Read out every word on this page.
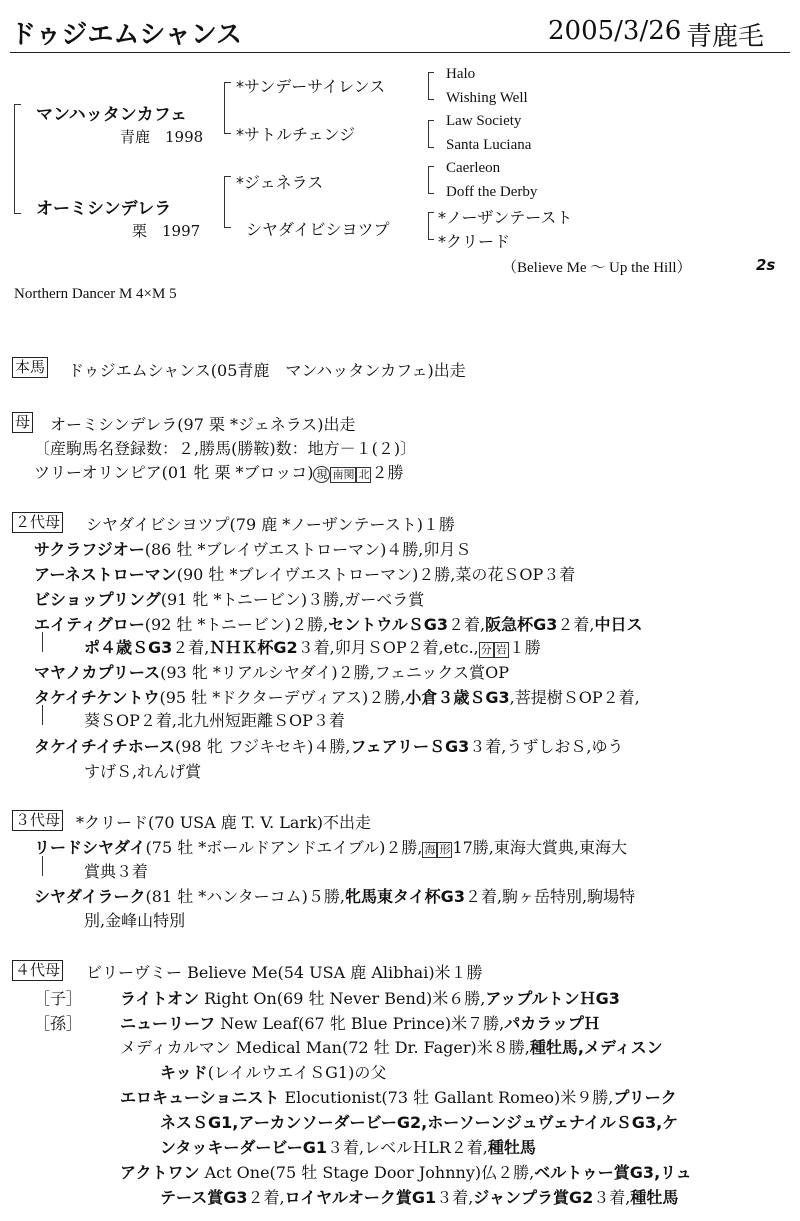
ドゥジエムシャンス	2005/3/26 青鹿毛
マンハッタンカフェ
青鹿　1998
オーミシンデレラ
栗　1997
*サンデーサイレンス
*サトルチェンジ
*ジェネラス
シヤダイビシヨツプ
Halo
Wishing Well
Law Society
Santa Luciana
Caerleon
Doff the Derby
*ノーザンテースト
*クリード
（Believe Me 〜 Up the Hill）	2s
Northern Dancer M 4×M 5
本馬 ドゥジエムシャンス(05青鹿　マンハッタンカフェ)出走
母 オーミシンデレラ(97 栗 *ジェネラス)出走
〔産駒馬名登録数：２,勝馬(勝鞍)数：地方－１(２)〕
ツリーオリンピア(01 牝 栗 *ブロッコ) 現 南関 北 ２勝
２代母 シヤダイビシヨツプ(79 鹿 *ノーザンテースト)１勝
サクラフジオー(86 牡 *ブレイヴエストローマン)４勝,卯月Ｓ
アーネストローマン(90 牡 *ブレイヴエストローマン)２勝,菜の花ＳOP３着
ビショップリング(91 牝 *トニービン)３勝,ガーベラ賞
エイティグロー(92 牡 *トニービン)２勝,セントウルＳG3２着,阪急杯G3２着,中日ス
ポ４歳ＳG3２着,ＮＨＫ杯G2３着,卯月ＳOP２着,etc., 分 岩 １勝
マヤノカプリース(93 牝 *リアルシヤダイ)２勝,フェニックス賞OP
タケイチケントウ(95 牡 *ドクターデヴィアス)２勝,小倉３歳ＳG3,菩提樹ＳOP２着,
葵ＳOP２着,北九州短距離ＳOP３着
タケイチイチホース(98 牝 フジキセキ)４勝,フェアリーＳG3３着,うずしおＳ,ゆう
すげＳ,れんげ賞
３代母 *クリード(70 USA 鹿 T. V. Lark)不出走
リードシヤダイ(75 牡 *ボールドアンドエイブル)２勝, 海 形 17勝,東海大賞典,東海大
賞典３着
シヤダイラーク(81 牡 *ハンターコム)５勝,牝馬東タイ杯G3２着,駒ヶ岳特別,駒場特
別,金峰山特別
４代母 ビリーヴミー Believe Me(54 USA 鹿 Alibhai)米１勝
［子］
［孫］
ライトオン Right On(69 牡 Never Bend)米６勝,アップルトンＨG3
ニューリーフ New Leaf(67 牝 Blue Prince)米７勝,パカラップＨ
メディカルマン Medical Man(72 牡 Dr. Fager)米８勝,種牡馬,メディスン
キッド(レイルウエイＳG1)の父
エロキューショニスト Elocutionist(73 牡 Gallant Romeo)米９勝,プリーク
ネスＳG1,アーカンソーダービーG2,ホーソーンジュヴェナイルＳG3,ケ
ンタッキーダービーG1３着,レベルＨLR２着,種牡馬
アクトワン Act One(75 牡 Stage Door Johnny)仏２勝,ベルトゥー賞G3,リュ
テース賞G3２着,ロイヤルオーク賞G1３着,ジャンプラ賞G2３着,種牡馬
